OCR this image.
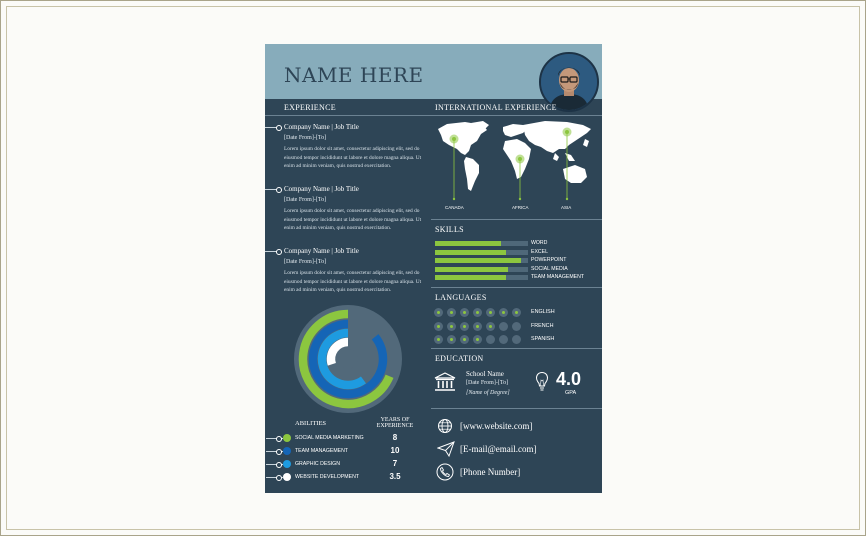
NAME HERE
EXPERIENCE	INTERNATIONAL EXPERIENCE
Company Name | Job Title
[Date From]-[To]
Lorem ipsum dolor sit amet, consectetur adipiscing elit, sed do eiusmod tempor incididunt ut labore et dolore magna aliqua. Ut enim ad minim veniam, quis nostrud exercitation.
Company Name | Job Title
[Date From]-[To]
Lorem ipsum dolor sit amet, consectetur adipiscing elit, sed do eiusmod tempor incididunt ut labore et dolore magna aliqua. Ut enim ad minim veniam, quis nostrud exercitation.
Company Name | Job Title
[Date From]-[To]
Lorem ipsum dolor sit amet, consectetur adipiscing elit, sed do eiusmod tempor incididunt ut labore et dolore magna aliqua. Ut enim ad minim veniam, quis nostrud exercitation.
CANADA	AFRICA	ASIA
SKILLS
LANGUAGES
EDUCATION
School Name
[Date From]-[To]
[Name of Degree]
4.0
GPA
[www.website.com]
[E-mail@email.com]
[Phone Number]
ABILITIES	YEARS OF EXPERIENCE
WORD
EXCEL
POWERPOINT
SOCIAL MEDIA
TEAM MANAGEMENT
ENGLISH
FRENCH
SPANISH
SOCIAL MEDIA MARKETING	8
TEAM MANAGEMENT	10
GRAPHIC DESIGN	7
WEBSITE DEVELOPMENT	3.5
